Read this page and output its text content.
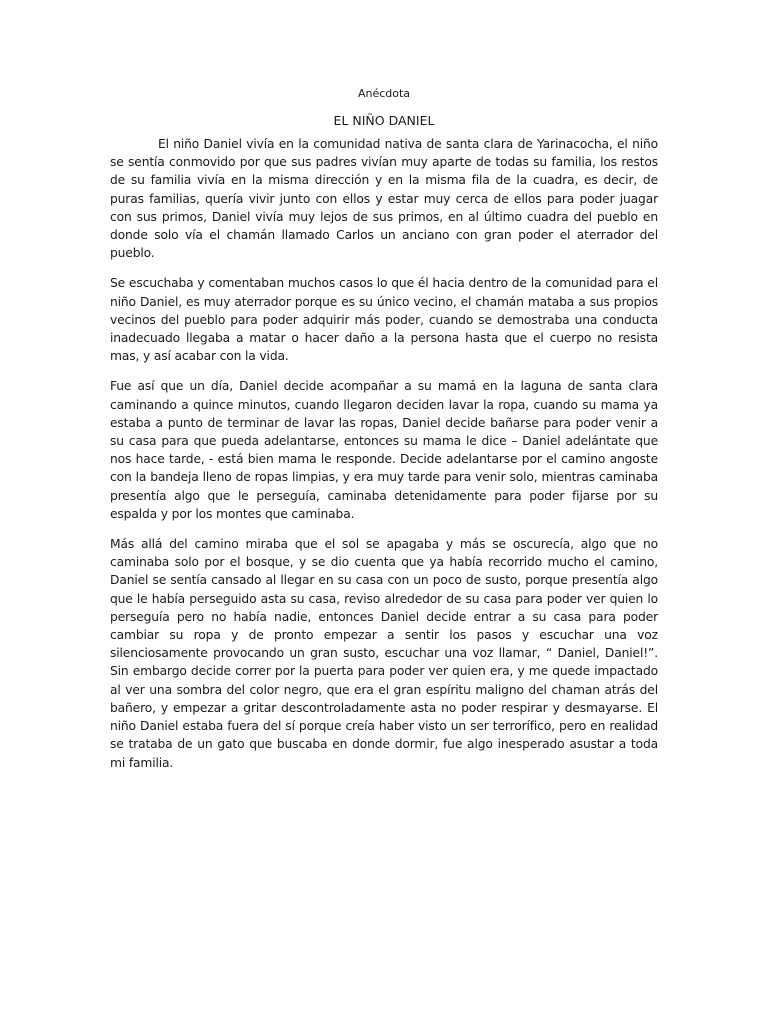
Anécdota
EL NIÑO DANIEL

El niño Daniel vivía en la comunidad nativa de santa clara de Yarinacocha, el niño se sentía conmovido por que sus padres vivían muy aparte de todas su familia, los restos de su familia vivía en la misma dirección y en la misma fila de la cuadra, es decir, de puras familias, quería vivir junto con ellos y estar muy cerca de ellos para poder juagar con sus primos, Daniel vivía muy lejos de sus primos, en al último cuadra del pueblo en donde solo vía el chamán llamado Carlos un anciano con gran poder el aterrador del pueblo.

Se escuchaba y comentaban muchos casos lo que él hacia dentro de la comunidad para el niño Daniel, es muy aterrador porque es su único vecino, el chamán mataba a sus propios vecinos del pueblo para poder adquirir más poder, cuando se demostraba una conducta inadecuado llegaba a matar o hacer daño a la persona hasta que el cuerpo no resista mas, y así acabar con la vida.

Fue así que un día, Daniel decide acompañar a su mamá en la laguna de santa clara caminando a quince minutos, cuando llegaron deciden lavar la ropa, cuando su mama ya estaba a punto de terminar de lavar las ropas, Daniel decide bañarse para poder venir a su casa para que pueda adelantarse, entonces su mama le dice – Daniel adelántate que nos hace tarde, - está bien mama le responde. Decide adelantarse por el camino angoste con la bandeja lleno de ropas limpias, y era muy tarde para venir solo, mientras caminaba presentía algo que le perseguía, caminaba detenidamente para poder fijarse por su espalda y por los montes que caminaba.

Más allá del camino miraba que el sol se apagaba y más se oscurecía, algo que no caminaba solo por el bosque, y se dio cuenta que ya había recorrido mucho el camino, Daniel se sentía cansado al llegar en su casa con un poco de susto, porque presentía algo que le había perseguido asta su casa, reviso alrededor de su casa para poder ver quien lo perseguía pero no había nadie, entonces Daniel decide entrar a su casa para poder cambiar su ropa y de pronto empezar a sentir los pasos y escuchar una voz silenciosamente provocando un gran susto, escuchar una voz llamar, “ Daniel, Daniel!”. Sin embargo decide correr por la puerta para poder ver quien era, y me quede impactado al ver una sombra del color negro, que era el gran espíritu maligno del chaman atrás del bañero, y empezar a gritar descontroladamente asta no poder respirar y desmayarse. El niño Daniel estaba fuera del sí porque creía haber visto un ser terrorífico, pero en realidad se trataba de un gato que buscaba en donde dormir, fue algo inesperado asustar a toda mi familia.
